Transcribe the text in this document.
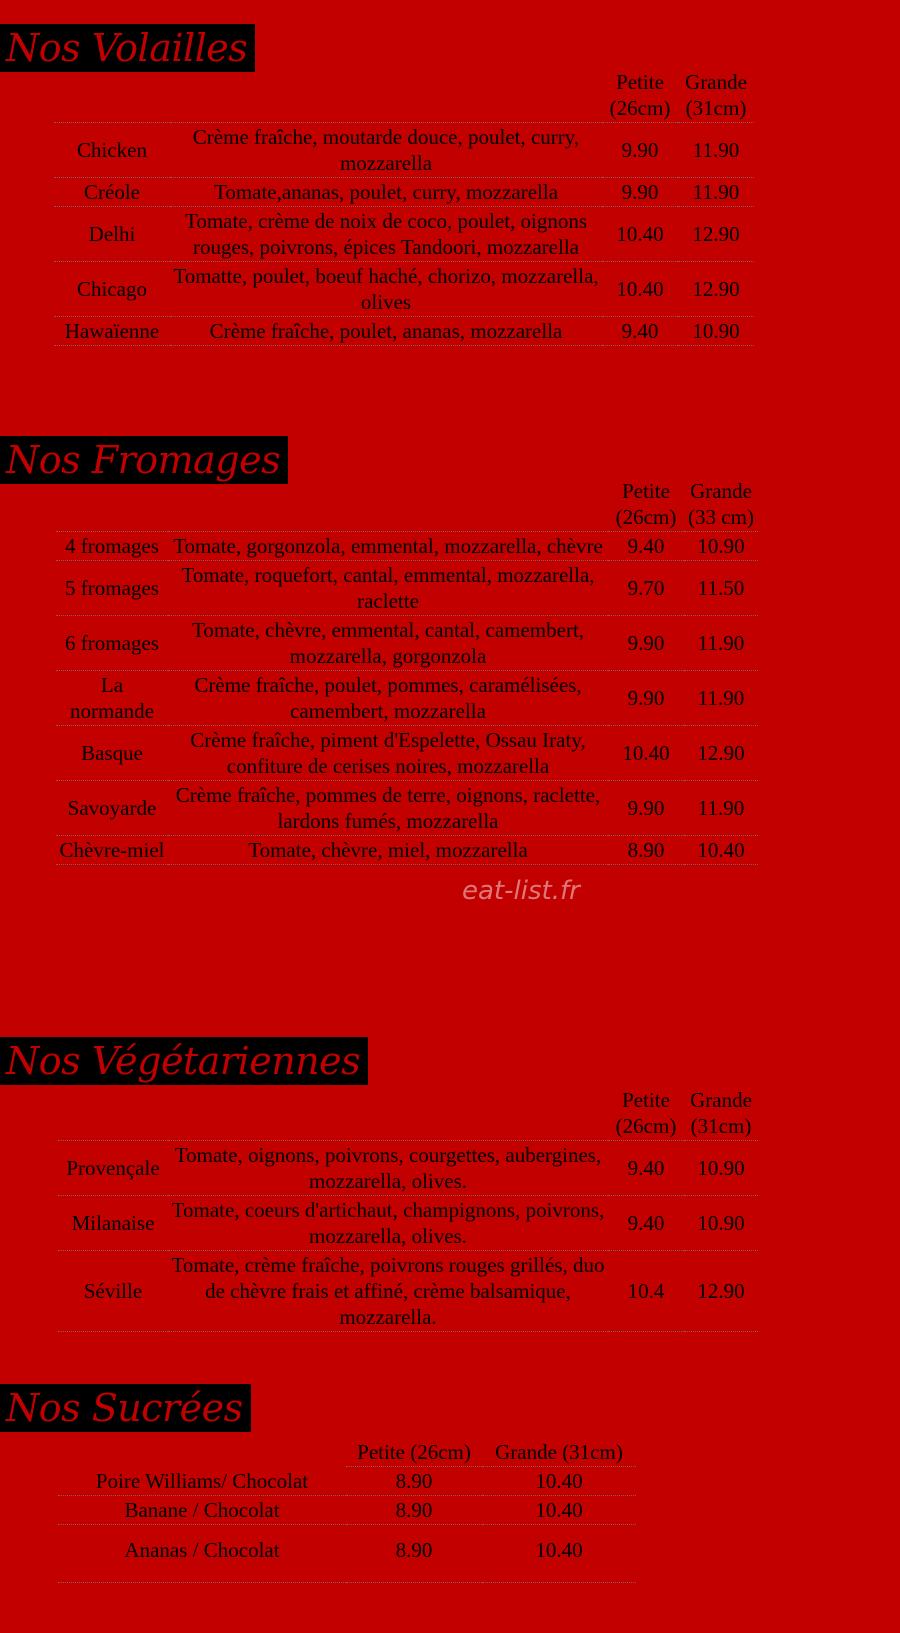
Nos Volailles
		Petite (26cm)	Grande (31cm)
Chicken	Crème fraîche, moutarde douce, poulet, curry, mozzarella	9.90	11.90
Créole	Tomate,ananas, poulet, curry, mozzarella	9.90	11.90
Delhi	Tomate, crème de noix de coco, poulet, oignons rouges, poivrons, épices Tandoori, mozzarella	10.40	12.90
Chicago	Tomatte, poulet, boeuf haché, chorizo, mozzarella, olives	10.40	12.90
Hawaïenne	Crème fraîche, poulet, ananas, mozzarella	9.40	10.90
Nos Fromages
		Petite (26cm)	Grande (33 cm)
4 fromages	Tomate, gorgonzola, emmental, mozzarella, chèvre	9.40	10.90
5 fromages	Tomate, roquefort, cantal, emmental, mozzarella, raclette	9.70	11.50
6 fromages	Tomate, chèvre, emmental, cantal, camembert, mozzarella, gorgonzola	9.90	11.90
La normande	Crème fraîche, poulet, pommes, caramélisées, camembert, mozzarella	9.90	11.90
Basque	Crème fraîche, piment d'Espelette, Ossau Iraty, confiture de cerises noires, mozzarella	10.40	12.90
Savoyarde	Crème fraîche, pommes de terre, oignons, raclette, lardons fumés, mozzarella	9.90	11.90
Chèvre-miel	Tomate, chèvre, miel, mozzarella	8.90	10.40
eat-list.fr
Nos Végétariennes
		Petite (26cm)	Grande (31cm)
Provençale	Tomate, oignons, poivrons, courgettes, aubergines, mozzarella, olives.	9.40	10.90
Milanaise	Tomate, coeurs d'artichaut, champignons, poivrons, mozzarella, olives.	9.40	10.90
Séville	Tomate, crème fraîche, poivrons rouges grillés, duo de chèvre frais et affiné, crème balsamique, mozzarella.	10.4	12.90
Nos Sucrées
	Petite (26cm)	Grande (31cm)
Poire Williams/ Chocolat	8.90	10.40
Banane / Chocolat	8.90	10.40
Ananas / Chocolat	8.90	10.40
